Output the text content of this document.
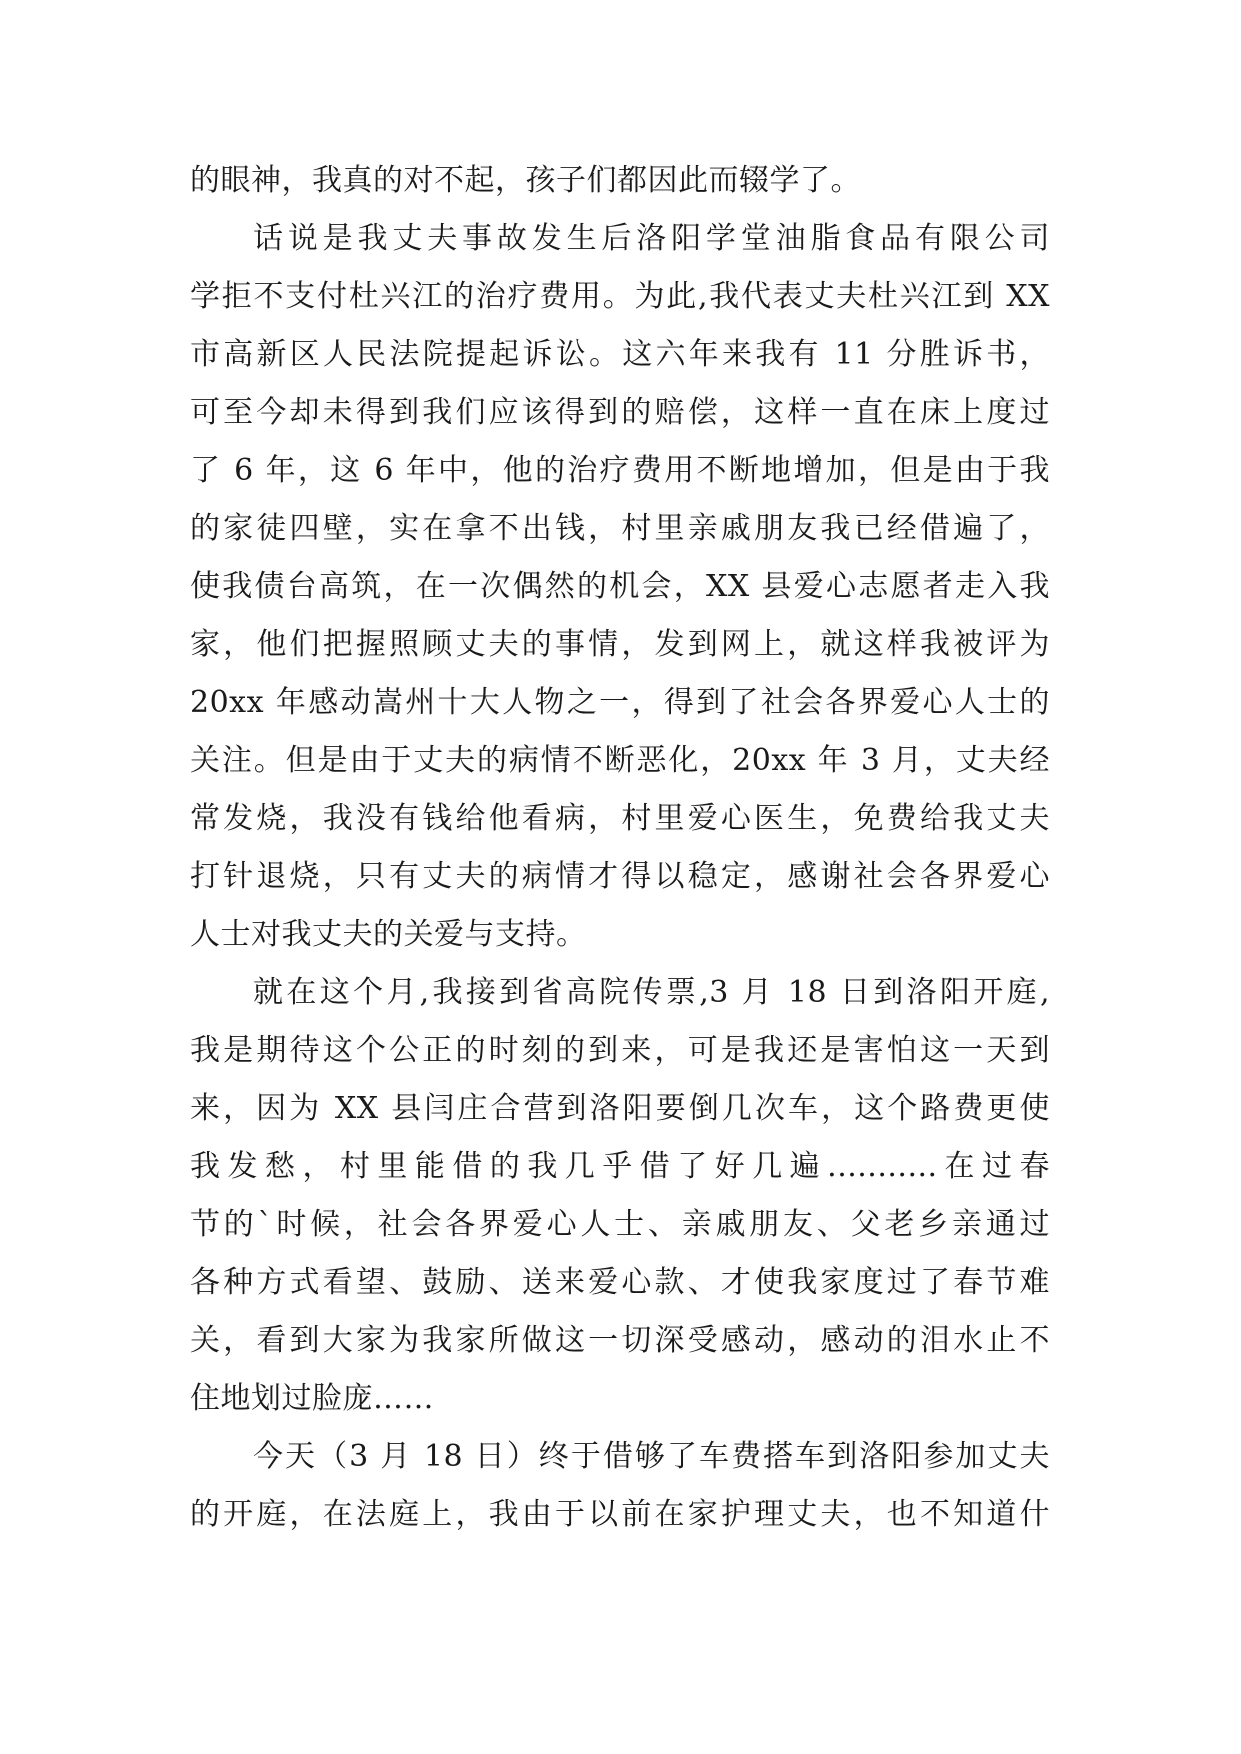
的眼神，我真的对不起，孩子们都因此而辍学了。
话说是我丈夫事故发生后洛阳学堂油脂食品有限公司
学拒不支付杜兴江的治疗费用。为此,我代表丈夫杜兴江到 XX
市高新区人民法院提起诉讼。这六年来我有 11 分胜诉书，
可至今却未得到我们应该得到的赔偿，这样一直在床上度过
了 6 年，这 6 年中，他的治疗费用不断地增加，但是由于我
的家徒四壁，实在拿不出钱，村里亲戚朋友我已经借遍了，
使我债台高筑，在一次偶然的机会，XX 县爱心志愿者走入我
家，他们把握照顾丈夫的事情，发到网上，就这样我被评为
20xx 年感动嵩州十大人物之一，得到了社会各界爱心人士的
关注。但是由于丈夫的病情不断恶化，20xx 年 3 月，丈夫经
常发烧，我没有钱给他看病，村里爱心医生，免费给我丈夫
打针退烧，只有丈夫的病情才得以稳定，感谢社会各界爱心
人士对我丈夫的关爱与支持。
就在这个月,我接到省高院传票,3 月 18 日到洛阳开庭,
我是期待这个公正的时刻的到来，可是我还是害怕这一天到
来，因为 XX 县闫庄合营到洛阳要倒几次车，这个路费更使
我发愁，村里能借的我几乎借了好几遍...........在过春
节的`时候，社会各界爱心人士、亲戚朋友、父老乡亲通过
各种方式看望、鼓励、送来爱心款、才使我家度过了春节难
关，看到大家为我家所做这一切深受感动，感动的泪水止不
住地划过脸庞……
今天（3 月 18 日）终于借够了车费搭车到洛阳参加丈夫
的开庭，在法庭上，我由于以前在家护理丈夫，也不知道什
